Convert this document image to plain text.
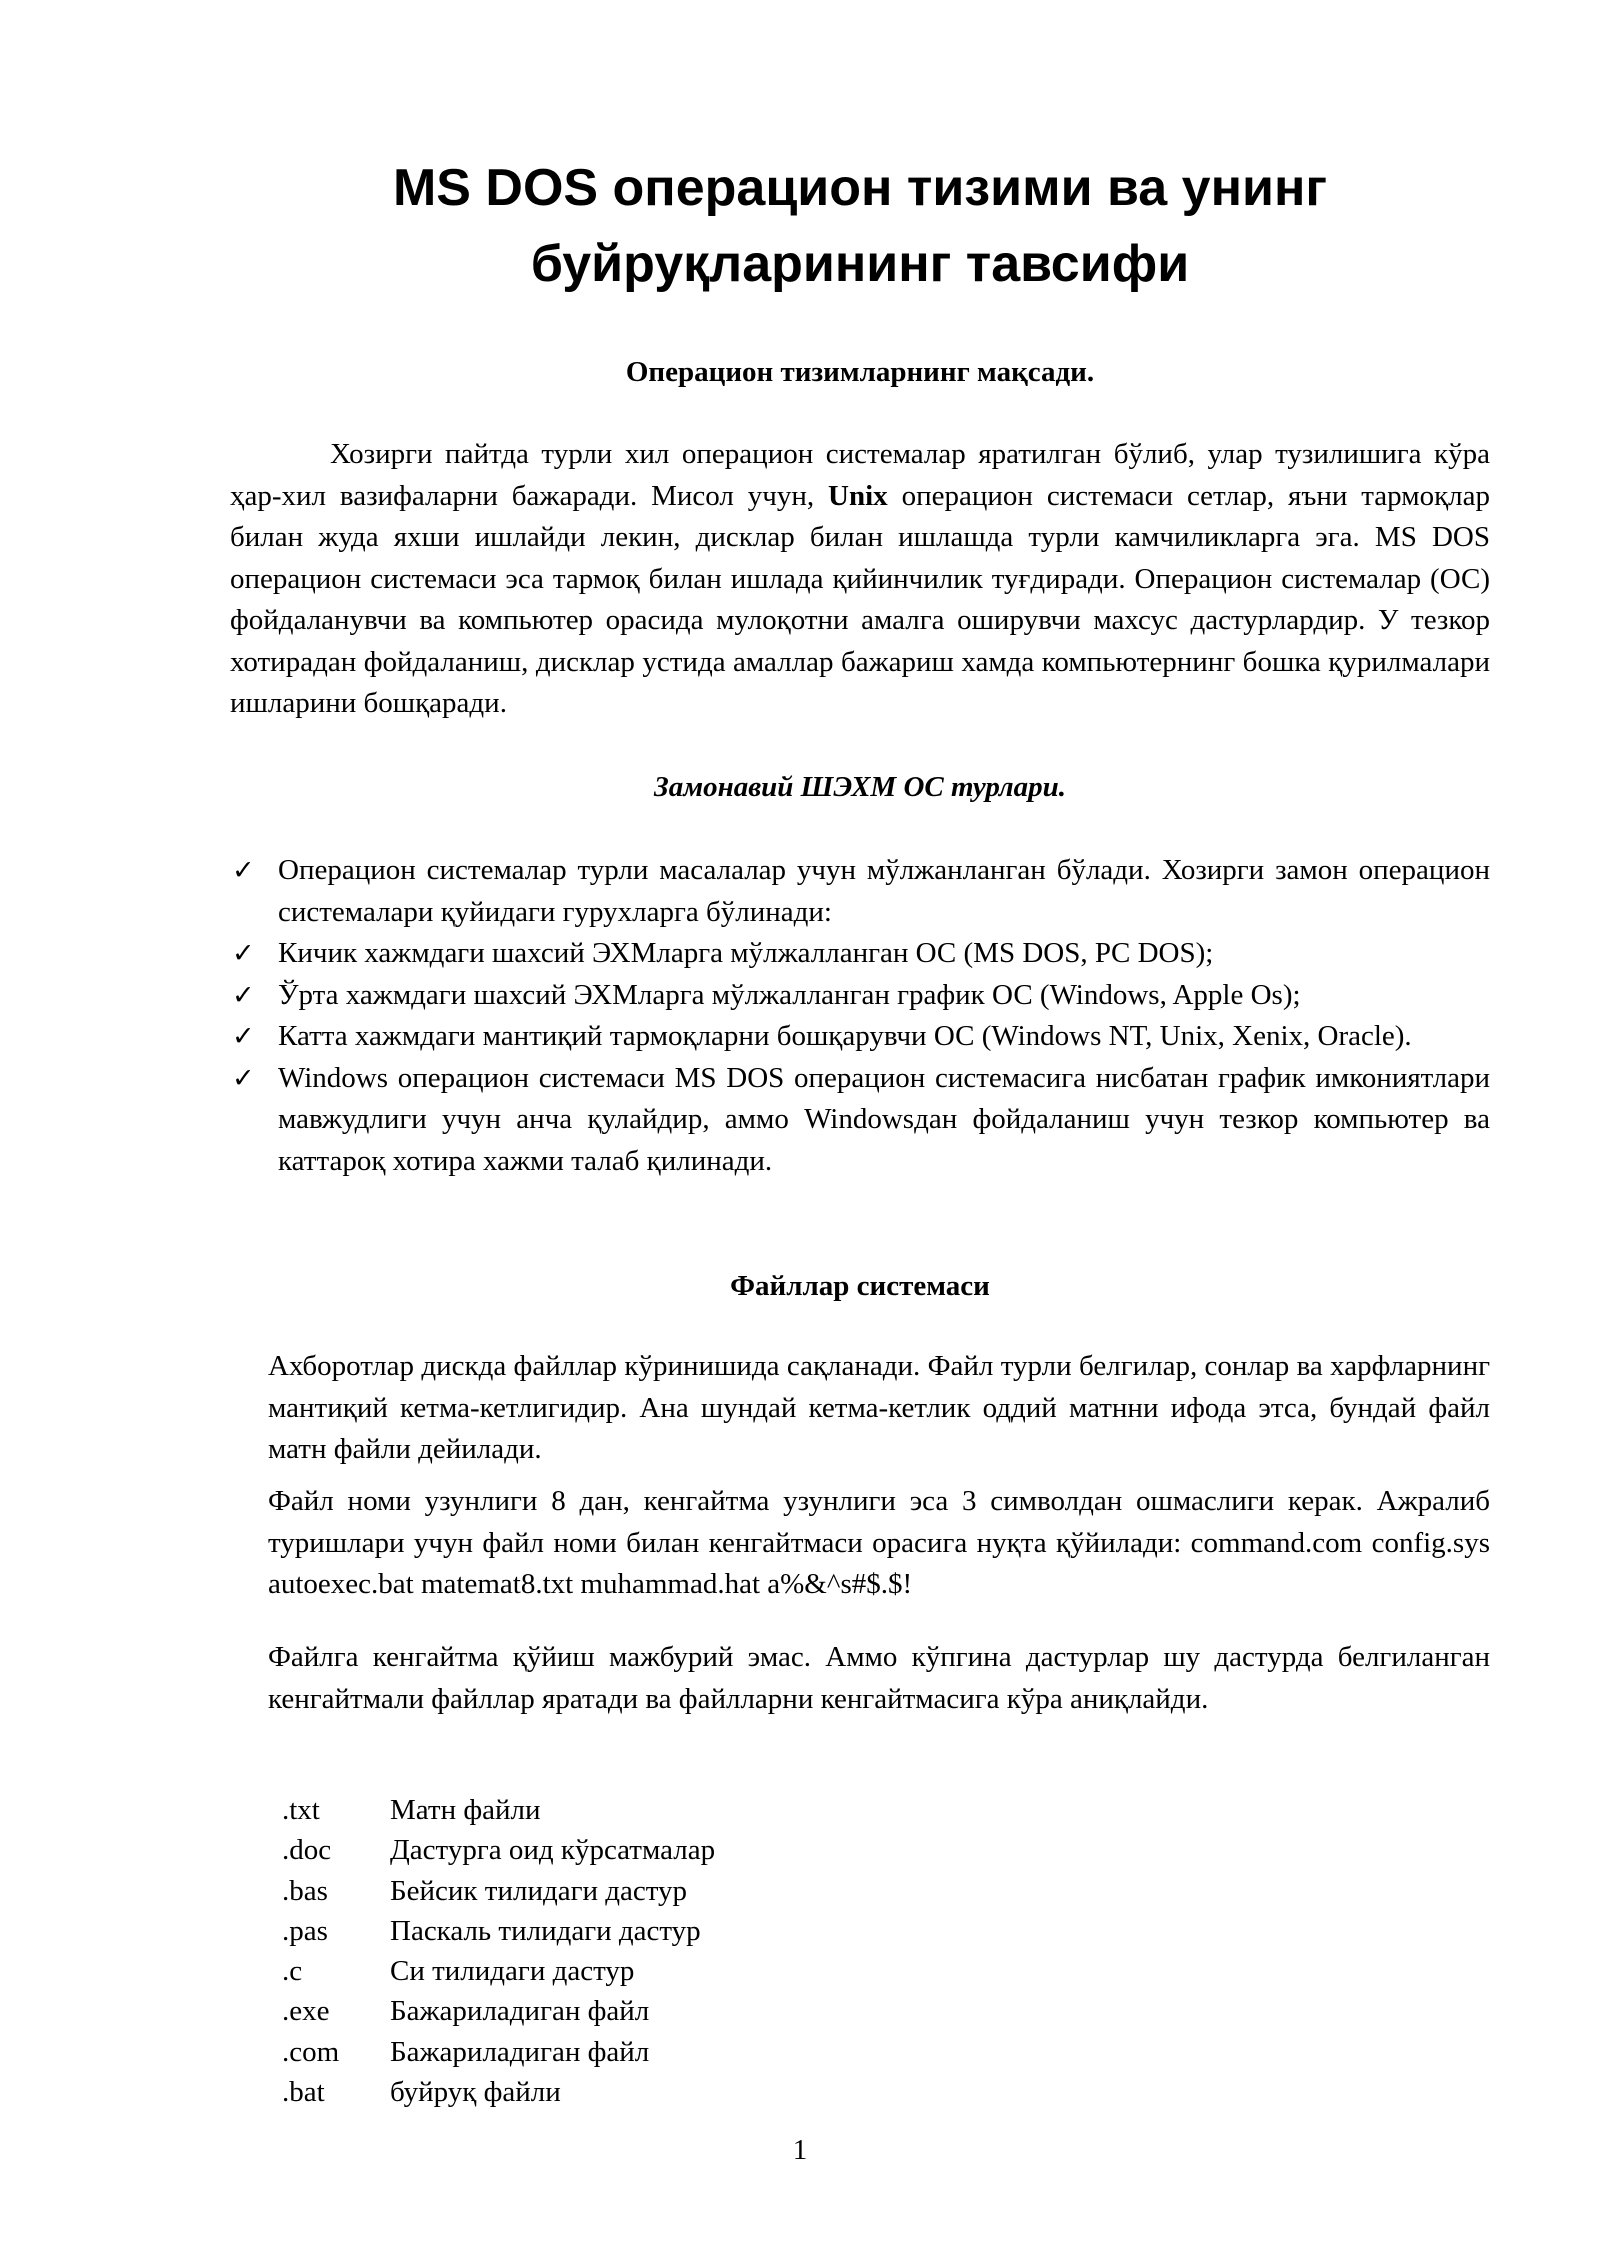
MS DOS операцион тизими ва унинг
буйруқларининг тавсифи
Операцион тизимларнинг мақсади.

Хозирги пайтда турли хил операцион системалар яратилган бўлиб, улар тузилишига кўра ҳар-хил вазифаларни бажаради. Мисол учун, Unix операцион системаси сетлар, яъни тармоқлар билан жуда яхши ишлайди лекин, дисклар билан ишлашда турли камчиликларга эга. MS DOS операцион системаси эса тармоқ билан ишлада қийинчилик туғдиради. Операцион системалар (ОС) фойдаланувчи ва компьютер орасида мулоқотни амалга оширувчи махсус дастурлардир. У тезкор хотирадан фойдаланиш, дисклар устида амаллар бажариш хамда компьютернинг бошка қурилмалари ишларини бошқаради.

Замонавий ШЭХМ ОС турлари.
✓ Операцион системалар турли масалалар учун мўлжанланган бўлади. Хозирги замон операцион системалари қуйидаги гурухларга бўлинади:
✓ Кичик хажмдаги шахсий ЭХМларга мўлжалланган ОС (MS DOS, PC DOS);
✓ Ўрта хажмдаги шахсий ЭХМларга мўлжалланган график ОС (Windows, Apple Os);
✓ Катта хажмдаги мантиқий тармоқларни бошқарувчи ОС (Windows NT, Unix, Xenix, Oracle).
✓ Windows операцион системаси MS DOS операцион системасига нисбатан график имкониятлари мавжудлиги учун анча қулайдир, аммо Windowsдан фойдаланиш учун тезкор компьютер ва каттароқ хотира хажми талаб қилинади.
Файллар системаси

Ахборотлар дискда файллар кўринишида сақланади. Файл турли белгилар, сонлар ва харфларнинг мантиқий кетма-кетлигидир. Ана шундай кетма-кетлик оддий матнни ифода этса, бундай файл матн файли дейилади.

Файл номи узунлиги 8 дан, кенгайтма узунлиги эса 3 символдан ошмаслиги керак. Ажралиб туришлари учун файл номи билан кенгайтмаси орасига нуқта қўйилади: command.com config.sys autoexec.bat matemat8.txt muhammad.hat a%&^s#$.$!

Файлга кенгайтма қўйиш мажбурий эмас. Аммо кўпгина дастурлар шу дастурда белгиланган кенгайтмали файллар яратади ва файлларни кенгайтмасига кўра аниқлайди.

.txt	Матн файли
.doc	Дастурга оид кўрсатмалар
.bas	Бейсик тилидаги дастур
.pas	Паскаль тилидаги дастур
.c	Си тилидаги дастур
.exe	Бажариладиган файл
.com	Бажариладиган файл
.bat	буйруқ файли
1
